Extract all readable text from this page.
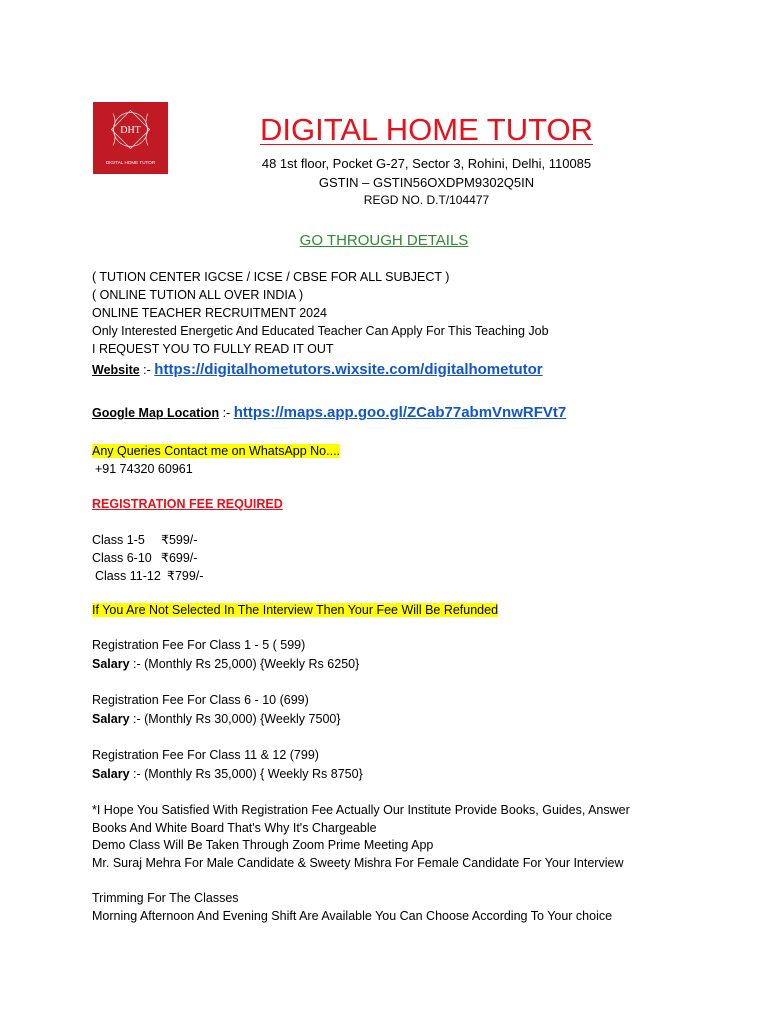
DHT
DIGITAL HOME TUTOR
DIGITAL HOME TUTOR
48 1st floor, Pocket G-27, Sector 3, Rohini, Delhi, 110085
GSTIN – GSTIN56OXDPM9302Q5IN
REGD NO. D.T/104477
GO THROUGH DETAILS
( TUTION CENTER IGCSE / ICSE / CBSE FOR ALL SUBJECT )
( ONLINE TUTION ALL OVER INDIA )
ONLINE TEACHER RECRUITMENT 2024
Only Interested Energetic And Educated Teacher Can Apply For This Teaching Job
I REQUEST YOU TO FULLY READ IT OUT
Website :- https://digitalhometutors.wixsite.com/digitalhometutor
Google Map Location :- https://maps.app.goo.gl/ZCab77abmVnwRFVt7
Any Queries Contact me on WhatsApp No....
+91 74320 60961
REGISTRATION FEE REQUIRED
Class 1-5 ₹599/-
Class 6-10 ₹699/-
Class 11-12 ₹799/-
If You Are Not Selected In The Interview Then Your Fee Will Be Refunded
Registration Fee For Class 1 - 5 ( 599)
Salary :- (Monthly Rs 25,000) {Weekly Rs 6250}
Registration Fee For Class 6 - 10 (699)
Salary :- (Monthly Rs 30,000) {Weekly 7500}
Registration Fee For Class 11 & 12 (799)
Salary :- (Monthly Rs 35,000) { Weekly Rs 8750}
*I Hope You Satisfied With Registration Fee Actually Our Institute Provide Books, Guides, Answer
Books And White Board That's Why It's Chargeable
Demo Class Will Be Taken Through Zoom Prime Meeting App
Mr. Suraj Mehra For Male Candidate & Sweety Mishra For Female Candidate For Your Interview
Trimming For The Classes
Morning Afternoon And Evening Shift Are Available You Can Choose According To Your choice
